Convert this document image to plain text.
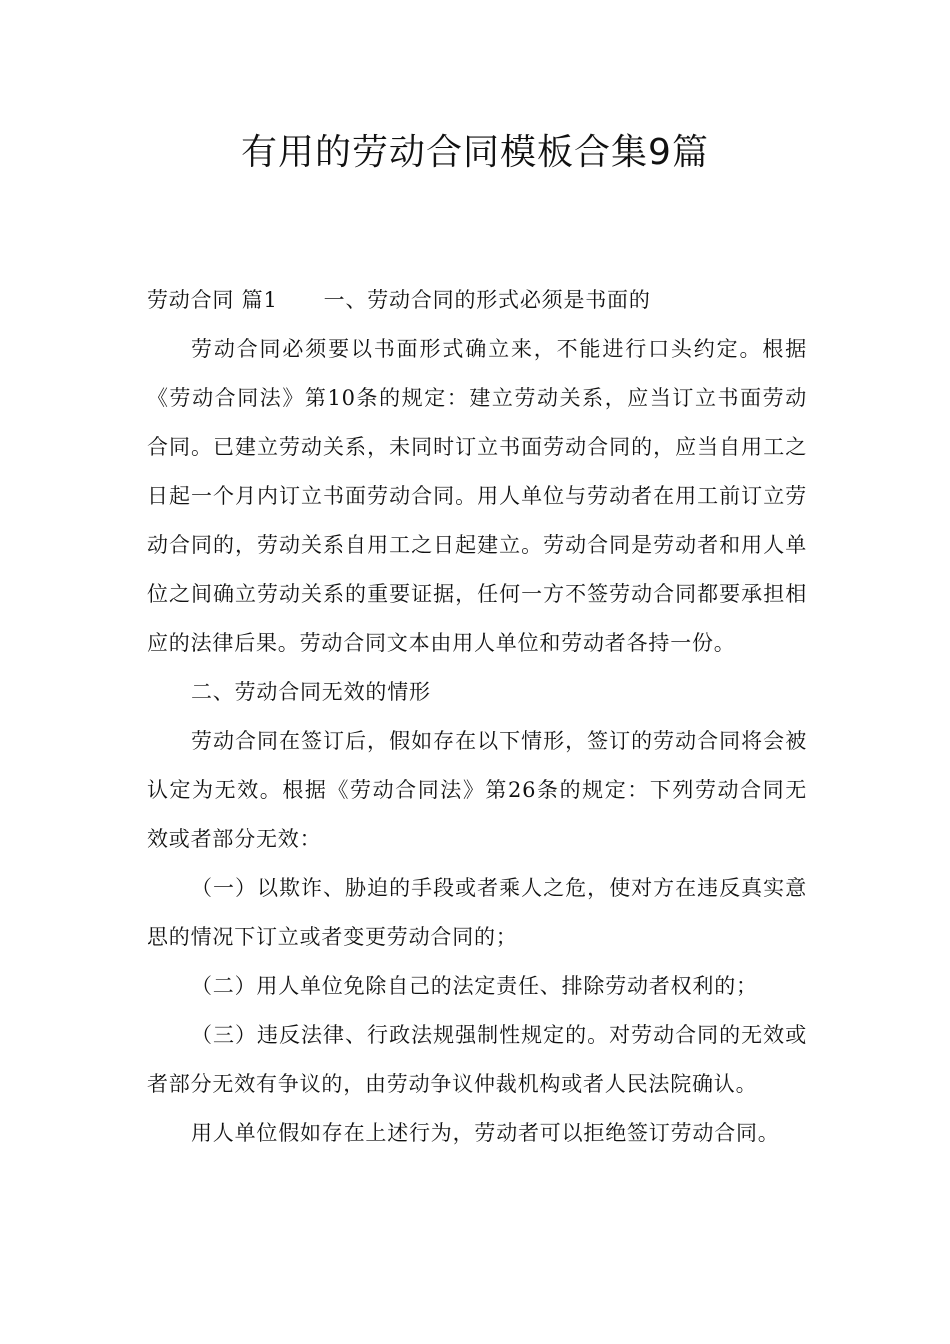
有用的劳动合同模板合集9篇

劳动合同 篇1 一、劳动合同的形式必须是书面的

劳动合同必须要以书面形式确立来，不能进行口头约定。根据《劳动合同法》第10条的规定：建立劳动关系，应当订立书面劳动合同。已建立劳动关系，未同时订立书面劳动合同的，应当自用工之日起一个月内订立书面劳动合同。用人单位与劳动者在用工前订立劳动合同的，劳动关系自用工之日起建立。劳动合同是劳动者和用人单位之间确立劳动关系的重要证据，任何一方不签劳动合同都要承担相应的法律后果。劳动合同文本由用人单位和劳动者各持一份。

二、劳动合同无效的情形

劳动合同在签订后，假如存在以下情形，签订的劳动合同将会被认定为无效。根据《劳动合同法》第26条的规定：下列劳动合同无效或者部分无效：

（一）以欺诈、胁迫的手段或者乘人之危，使对方在违反真实意思的情况下订立或者变更劳动合同的；

（二）用人单位免除自己的法定责任、排除劳动者权利的；

（三）违反法律、行政法规强制性规定的。对劳动合同的无效或者部分无效有争议的，由劳动争议仲裁机构或者人民法院确认。

用人单位假如存在上述行为，劳动者可以拒绝签订劳动合同。
